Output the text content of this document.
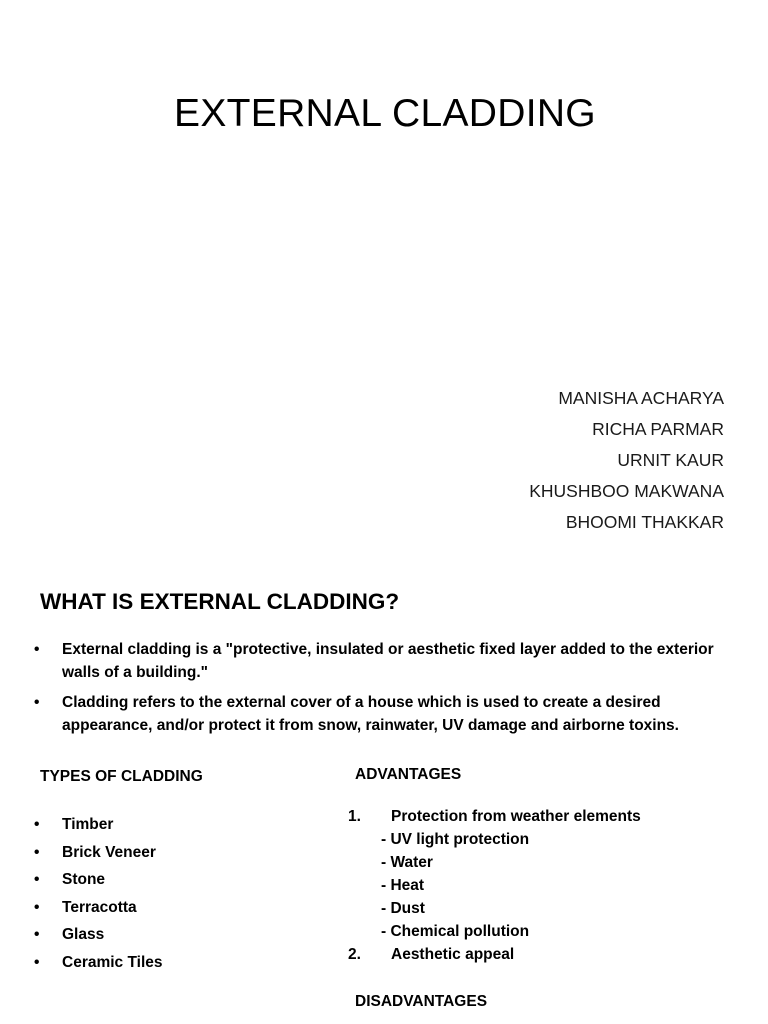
EXTERNAL CLADDING
MANISHA ACHARYA
RICHA PARMAR
URNIT KAUR
KHUSHBOO MAKWANA
BHOOMI THAKKAR
WHAT IS EXTERNAL CLADDING?
•	External cladding is a "protective, insulated or aesthetic fixed layer added to the exterior walls of a building."
•	Cladding refers to the external cover of a house which is used to create a desired appearance, and/or protect it from snow, rainwater, UV damage and airborne toxins.
TYPES OF CLADDING	ADVANTAGES
•	Timber
•	Brick Veneer
•	Stone
•	Terracotta
•	Glass
•	Ceramic Tiles
1.	Protection from weather elements
- UV light protection
- Water
- Heat
- Dust
- Chemical pollution
2.	Aesthetic appeal
DISADVANTAGES
